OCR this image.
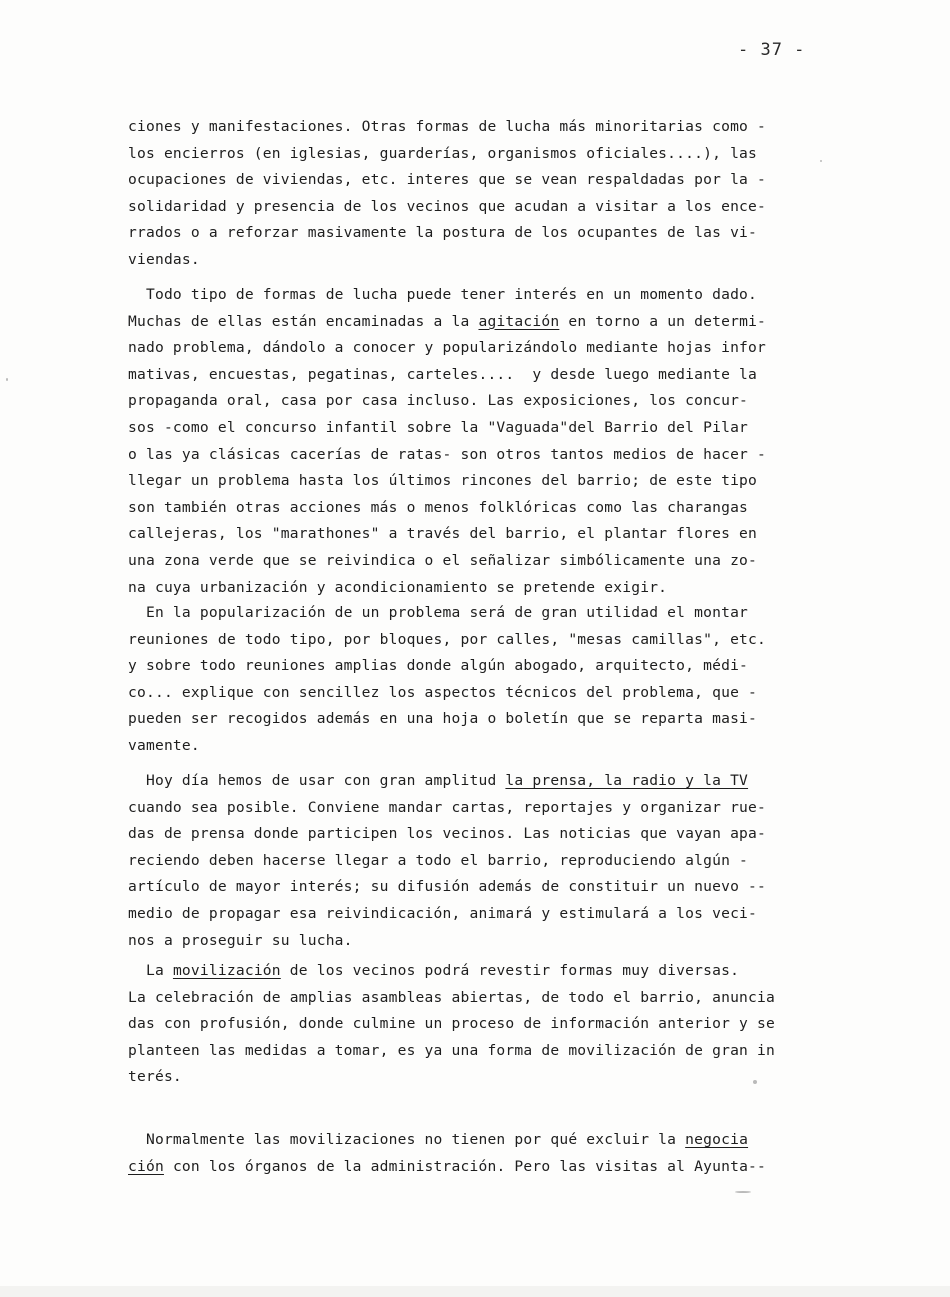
- 37 -
ciones y manifestaciones. Otras formas de lucha más minoritarias como -
los encierros (en iglesias, guarderías, organismos oficiales....), las
ocupaciones de viviendas, etc. interes que se vean respaldadas por la -
solidaridad y presencia de los vecinos que acudan a visitar a los ence-
rrados o a reforzar masivamente la postura de los ocupantes de las vi-
viendas.
Todo tipo de formas de lucha puede tener interés en un momento dado.
Muchas de ellas están encaminadas a la agitación en torno a un determi-
nado problema, dándolo a conocer y popularizándolo mediante hojas infor
mativas, encuestas, pegatinas, carteles....  y desde luego mediante la
propaganda oral, casa por casa incluso. Las exposiciones, los concur-
sos -como el concurso infantil sobre la "Vaguada"del Barrio del Pilar
o las ya clásicas cacerías de ratas- son otros tantos medios de hacer -
llegar un problema hasta los últimos rincones del barrio; de este tipo
son también otras acciones más o menos folklóricas como las charangas
callejeras, los "marathones" a través del barrio, el plantar flores en
una zona verde que se reivindica o el señalizar simbólicamente una zo-
na cuya urbanización y acondicionamiento se pretende exigir.
En la popularización de un problema será de gran utilidad el montar
reuniones de todo tipo, por bloques, por calles, "mesas camillas", etc.
y sobre todo reuniones amplias donde algún abogado, arquitecto, médi-
co... explique con sencillez los aspectos técnicos del problema, que -
pueden ser recogidos además en una hoja o boletín que se reparta masi-
vamente.
Hoy día hemos de usar con gran amplitud la prensa, la radio y la TV
cuando sea posible. Conviene mandar cartas, reportajes y organizar rue-
das de prensa donde participen los vecinos. Las noticias que vayan apa-
reciendo deben hacerse llegar a todo el barrio, reproduciendo algún -
artículo de mayor interés; su difusión además de constituir un nuevo --
medio de propagar esa reivindicación, animará y estimulará a los veci-
nos a proseguir su lucha.
La movilización de los vecinos podrá revestir formas muy diversas.
La celebración de amplias asambleas abiertas, de todo el barrio, anuncia
das con profusión, donde culmine un proceso de información anterior y se
planteen las medidas a tomar, es ya una forma de movilización de gran in
terés.
Normalmente las movilizaciones no tienen por qué excluir la negocia
ción con los órganos de la administración. Pero las visitas al Ayunta--
